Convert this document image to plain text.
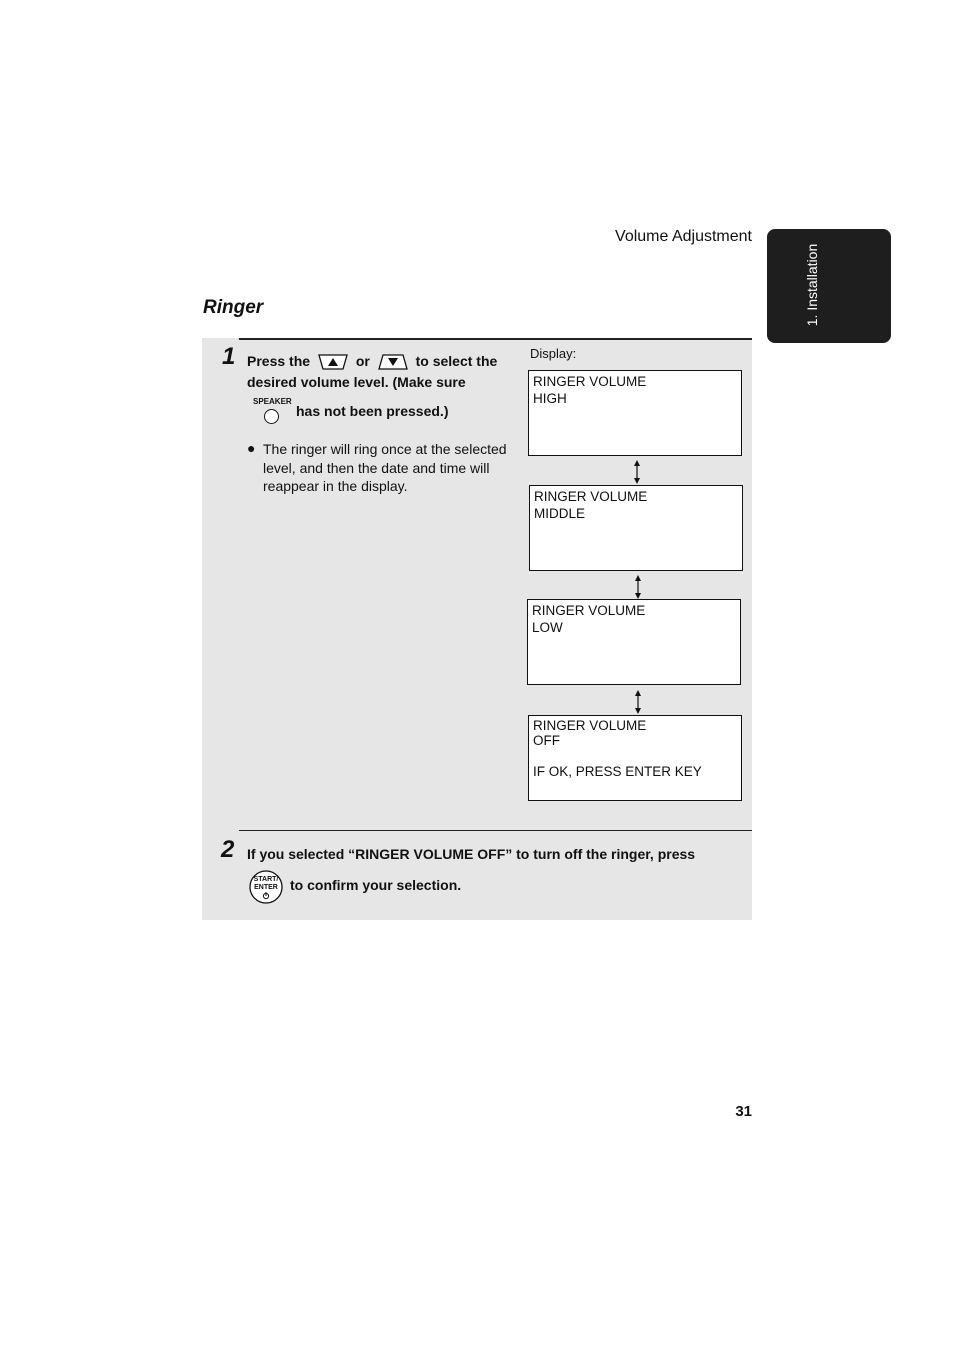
Volume Adjustment
1. Installation
Ringer
1 Press the	or	to select the
desired volume level. (Make sure
SPEAKER
has not been pressed.)
● The ringer will ring once at the selected level, and then the date and time will reappear in the display.
Display:
RINGER VOLUME
HIGH
RINGER VOLUME
MIDDLE
RINGER VOLUME
LOW
RINGER VOLUME
OFF
IF OK, PRESS ENTER KEY
2 If you selected “RINGER VOLUME OFF” to turn off the ringer, press
START/
ENTER to confirm your selection.
31
